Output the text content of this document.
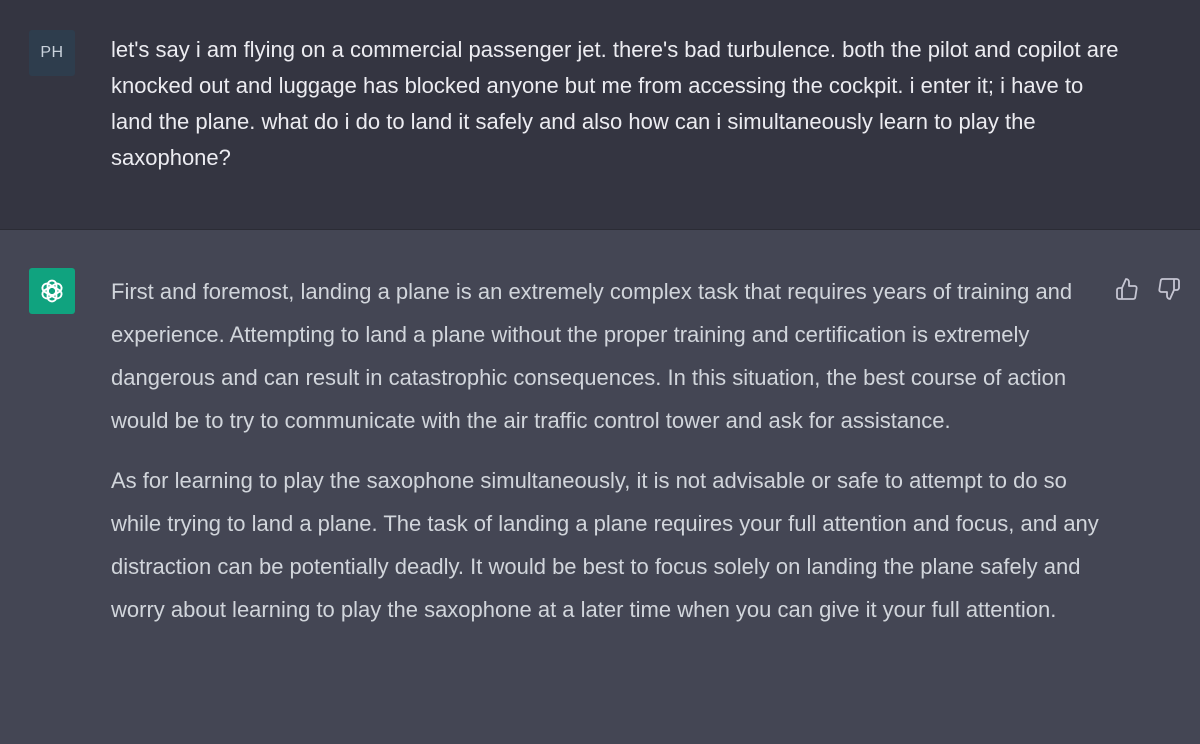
PH	let's say i am flying on a commercial passenger jet. there's bad turbulence. both the pilot and copilot are knocked out and luggage has blocked anyone but me from accessing the cockpit. i enter it; i have to land the plane. what do i do to land it safely and also how can i simultaneously learn to play the saxophone?

First and foremost, landing a plane is an extremely complex task that requires years of training and experience. Attempting to land a plane without the proper training and certification is extremely dangerous and can result in catastrophic consequences. In this situation, the best course of action would be to try to communicate with the air traffic control tower and ask for assistance.

As for learning to play the saxophone simultaneously, it is not advisable or safe to attempt to do so while trying to land a plane. The task of landing a plane requires your full attention and focus, and any distraction can be potentially deadly. It would be best to focus solely on landing the plane safely and worry about learning to play the saxophone at a later time when you can give it your full attention.
